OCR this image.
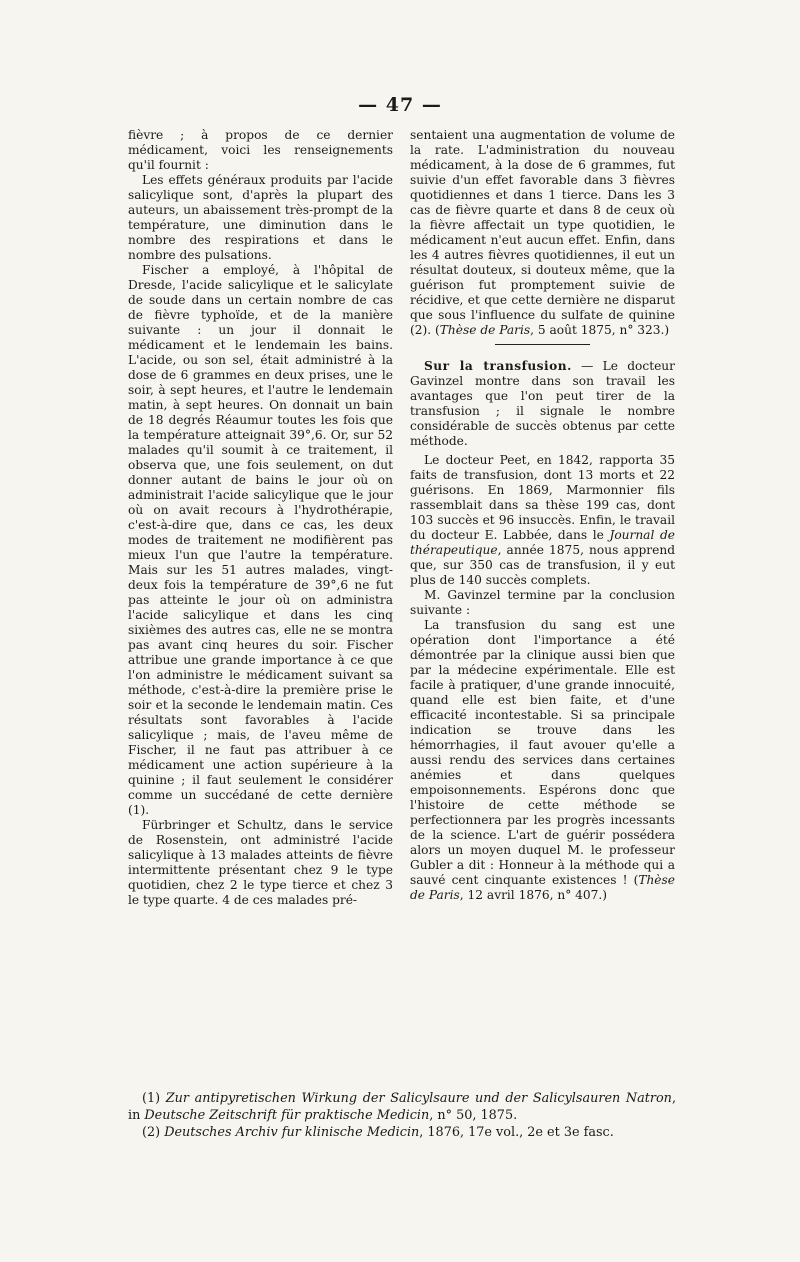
— 47 —

fièvre ; à propos de ce dernier médicament, voici les renseignements qu'il fournit :

Les effets généraux produits par l'acide salicylique sont, d'après la plupart des auteurs, un abaissement très-prompt de la température, une diminution dans le nombre des respirations et dans le nombre des pulsations.

Fischer a employé, à l'hôpital de Dresde, l'acide salicylique et le salicylate de soude dans un certain nombre de cas de fièvre typhoïde, et de la manière suivante : un jour il donnait le médicament et le lendemain les bains. L'acide, ou son sel, était administré à la dose de 6 grammes en deux prises, une le soir, à sept heures, et l'autre le lendemain matin, à sept heures. On donnait un bain de 18 degrés Réaumur toutes les fois que la température atteignait 39°,6. Or, sur 52 malades qu'il soumit à ce traitement, il observa que, une fois seulement, on dut donner autant de bains le jour où on administrait l'acide salicylique que le jour où on avait recours à l'hydrothérapie, c'est-à-dire que, dans ce cas, les deux modes de traitement ne modifièrent pas mieux l'un que l'autre la température. Mais sur les 51 autres malades, vingt-deux fois la température de 39°,6 ne fut pas atteinte le jour où on administra l'acide salicylique et dans les cinq sixièmes des autres cas, elle ne se montra pas avant cinq heures du soir. Fischer attribue une grande importance à ce que l'on administre le médicament suivant sa méthode, c'est-à-dire la première prise le soir et la seconde le lendemain matin. Ces résultats sont favorables à l'acide salicylique ; mais, de l'aveu même de Fischer, il ne faut pas attribuer à ce médicament une action supérieure à la quinine ; il faut seulement le considérer comme un succédané de cette dernière (1).

Fürbringer et Schultz, dans le service de Rosenstein, ont administré l'acide salicylique à 13 malades atteints de fièvre intermittente présentant chez 9 le type quotidien, chez 2 le type tierce et chez 3 le type quarte. 4 de ces malades pré-

sentaient una augmentation de volume de la rate. L'administration du nouveau médicament, à la dose de 6 grammes, fut suivie d'un effet favorable dans 3 fièvres quotidiennes et dans 1 tierce. Dans les 3 cas de fièvre quarte et dans 8 de ceux où la fièvre affectait un type quotidien, le médicament n'eut aucun effet. Enfin, dans les 4 autres fièvres quotidiennes, il eut un résultat douteux, si douteux même, que la guérison fut promptement suivie de récidive, et que cette dernière ne disparut que sous l'influence du sulfate de quinine (2). (Thèse de Paris, 5 août 1875, n° 323.)

Sur la transfusion. — Le docteur Gavinzel montre dans son travail les avantages que l'on peut tirer de la transfusion ; il signale le nombre considérable de succès obtenus par cette méthode.

Le docteur Peet, en 1842, rapporta 35 faits de transfusion, dont 13 morts et 22 guérisons. En 1869, Marmonnier fils rassemblait dans sa thèse 199 cas, dont 103 succès et 96 insuccès. Enfin, le travail du docteur E. Labbée, dans le Journal de thérapeutique, année 1875, nous apprend que, sur 350 cas de transfusion, il y eut plus de 140 succès complets.

M. Gavinzel termine par la conclusion suivante :

La transfusion du sang est une opération dont l'importance a été démontrée par la clinique aussi bien que par la médecine expérimentale. Elle est facile à pratiquer, d'une grande innocuité, quand elle est bien faite, et d'une efficacité incontestable. Si sa principale indication se trouve dans les hémorrhagies, il faut avouer qu'elle a aussi rendu des services dans certaines anémies et dans quelques empoisonnements. Espérons donc que l'histoire de cette méthode se perfectionnera par les progrès incessants de la science. L'art de guérir possédera alors un moyen duquel M. le professeur Gubler a dit : Honneur à la méthode qui a sauvé cent cinquante existences ! (Thèse de Paris, 12 avril 1876, n° 407.)

(1) Zur antipyretischen Wirkung der Salicylsaure und der Salicylsauren Natron, in Deutsche Zeitschrift für praktische Medicin, n° 50, 1875.

(2) Deutsches Archiv fur klinische Medicin, 1876, 17e vol., 2e et 3e fasc.
